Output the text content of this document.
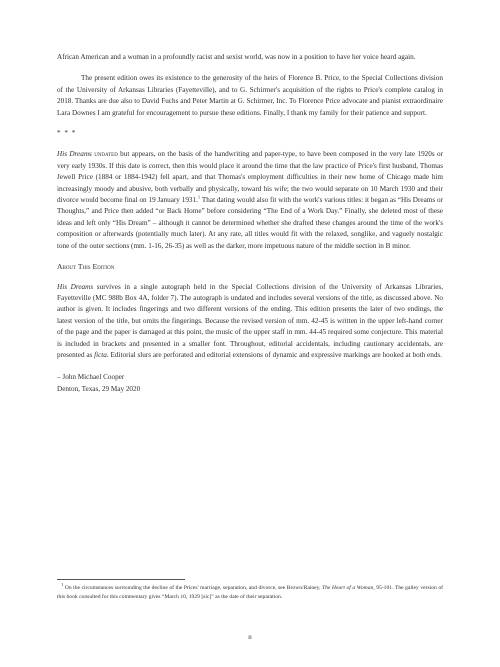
African American and a woman in a profoundly racist and sexist world, was now in a position to have her voice heard again.

The present edition owes its existence to the generosity of the heirs of Florence B. Price, to the Special Collections division of the University of Arkansas Libraries (Fayetteville), and to G. Schirmer's acquisition of the rights to Price's complete catalog in 2018. Thanks are due also to David Fuchs and Peter Martin at G. Schirmer, Inc. To Florence Price advocate and pianist extraordinaire Lara Downes I am grateful for encouragement to pursue these editions. Finally, I thank my family for their patience and support.

* * *

His Dreams undated but appears, on the basis of the handwriting and paper-type, to have been composed in the very late 1920s or very early 1930s. If this date is correct, then this would place it around the time that the law practice of Price's first husband, Thomas Jewell Price (1884 or 1884-1942) fell apart, and that Thomas's employment difficulties in their new home of Chicago made him increasingly moody and abusive, both verbally and physically, toward his wife; the two would separate on 10 March 1930 and their divorce would become final on 19 January 1931.$^1$ That dating would also fit with the work's various titles: it began as “His Dreams or Thoughts,” and Price then added “or Back Home” before considering “The End of a Work Day.” Finally, she deleted most of these ideas and left only “His Dream” – although it cannot be determined whether she drafted these changes around the time of the work's composition or afterwards (potentially much later). At any rate, all titles would fit with the relaxed, songlike, and vaguely nostalgic tone of the outer sections (mm. 1-16, 26-35) as well as the darker, more impetuous nature of the middle section in B minor.

About This Edition

His Dreams survives in a single autograph held in the Special Collections division of the University of Arkansas Libraries, Fayetteville (MC 988b Box 4A, folder 7). The autograph is undated and includes several versions of the title, as discussed above. No author is given. It includes fingerings and two different versions of the ending. This edition presents the later of two endings, the latest version of the title, but omits the fingerings. Because the revised version of mm. 42-45 is written in the upper left-hand corner of the page and the paper is damaged at this point, the music of the upper staff in mm. 44-45 required some conjecture. This material is included in brackets and presented in a smaller font. Throughout, editorial accidentals, including cautionary accidentals, are presented as ficta. Editorial slurs are perforated and editorial extensions of dynamic and expressive markings are hooked at both ends.

– John Michael Cooper
Denton, Texas, 29 May 2020

$^1$ On the circumstances surrounding the decline of the Prices' marriage, separation, and divorce, see Brown/Rainey, The Heart of a Woman, 95-101. The galley version of this book consulted for this commentary gives “March 10, 1929 [sic]” as the date of their separation.

ii
